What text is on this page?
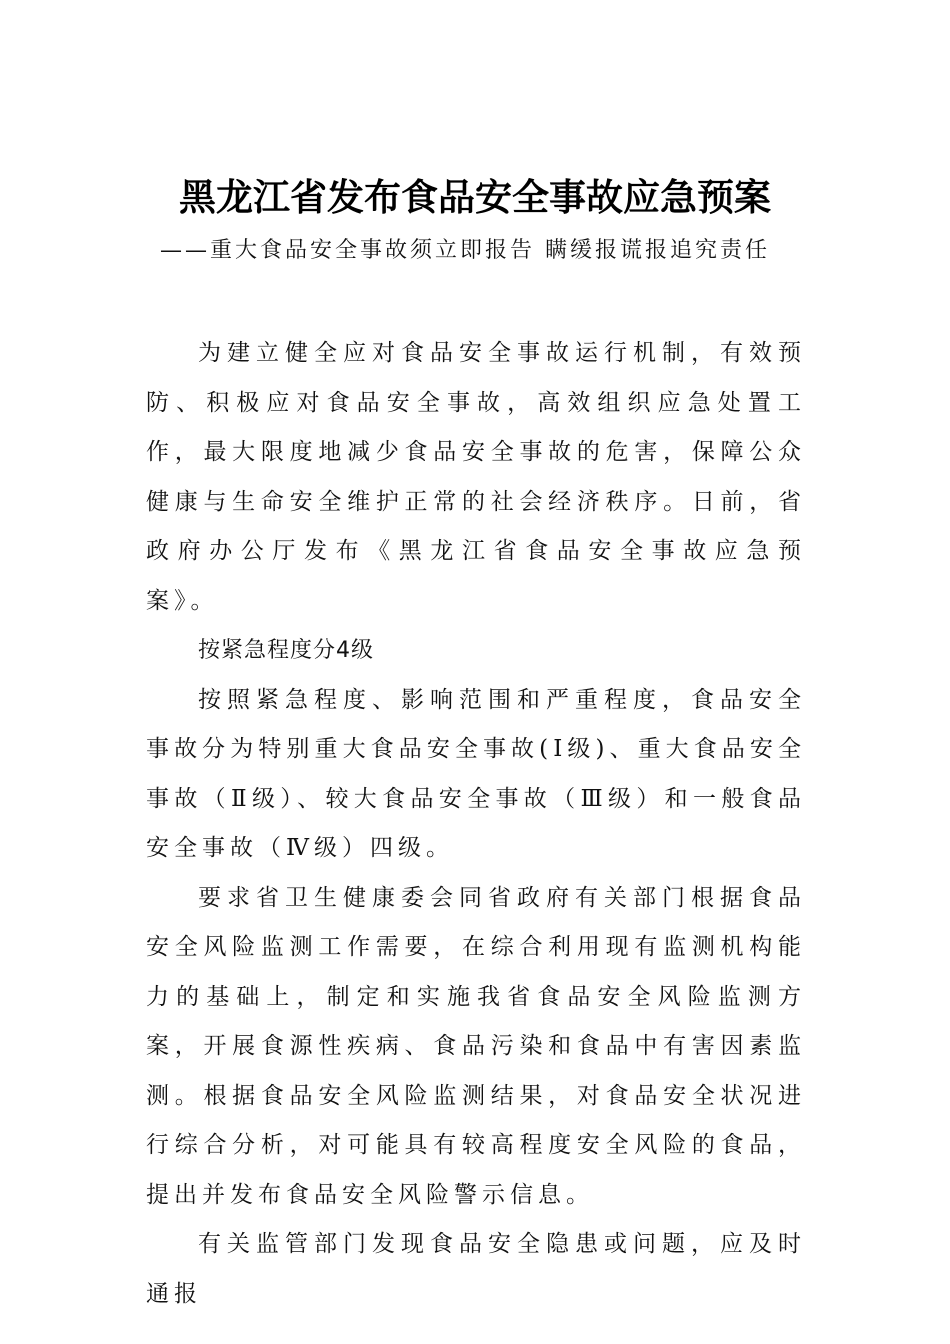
黑龙江省发布食品安全事故应急预案
——重大食品安全事故须立即报告 瞒缓报谎报追究责任

为建立健全应对食品安全事故运行机制，有效预防、积极应对食品安全事故，高效组织应急处置工作，最大限度地减少食品安全事故的危害，保障公众健康与生命安全维护正常的社会经济秩序。日前，省政府办公厅发布《黑龙江省食品安全事故应急预案》。

按紧急程度分4级

按照紧急程度、影响范围和严重程度，食品安全事故分为特别重大食品安全事故(Ⅰ级)、重大食品安全事故（Ⅱ级）、较大食品安全事故（Ⅲ级）和一般食品安全事故（Ⅳ级）四级。

要求省卫生健康委会同省政府有关部门根据食品安全风险监测工作需要，在综合利用现有监测机构能力的基础上，制定和实施我省食品安全风险监测方案，开展食源性疾病、食品污染和食品中有害因素监测。根据食品安全风险监测结果，对食品安全状况进行综合分析，对可能具有较高程度安全风险的食品，提出并发布食品安全风险警示信息。

有关监管部门发现食品安全隐患或问题，应及时通报
